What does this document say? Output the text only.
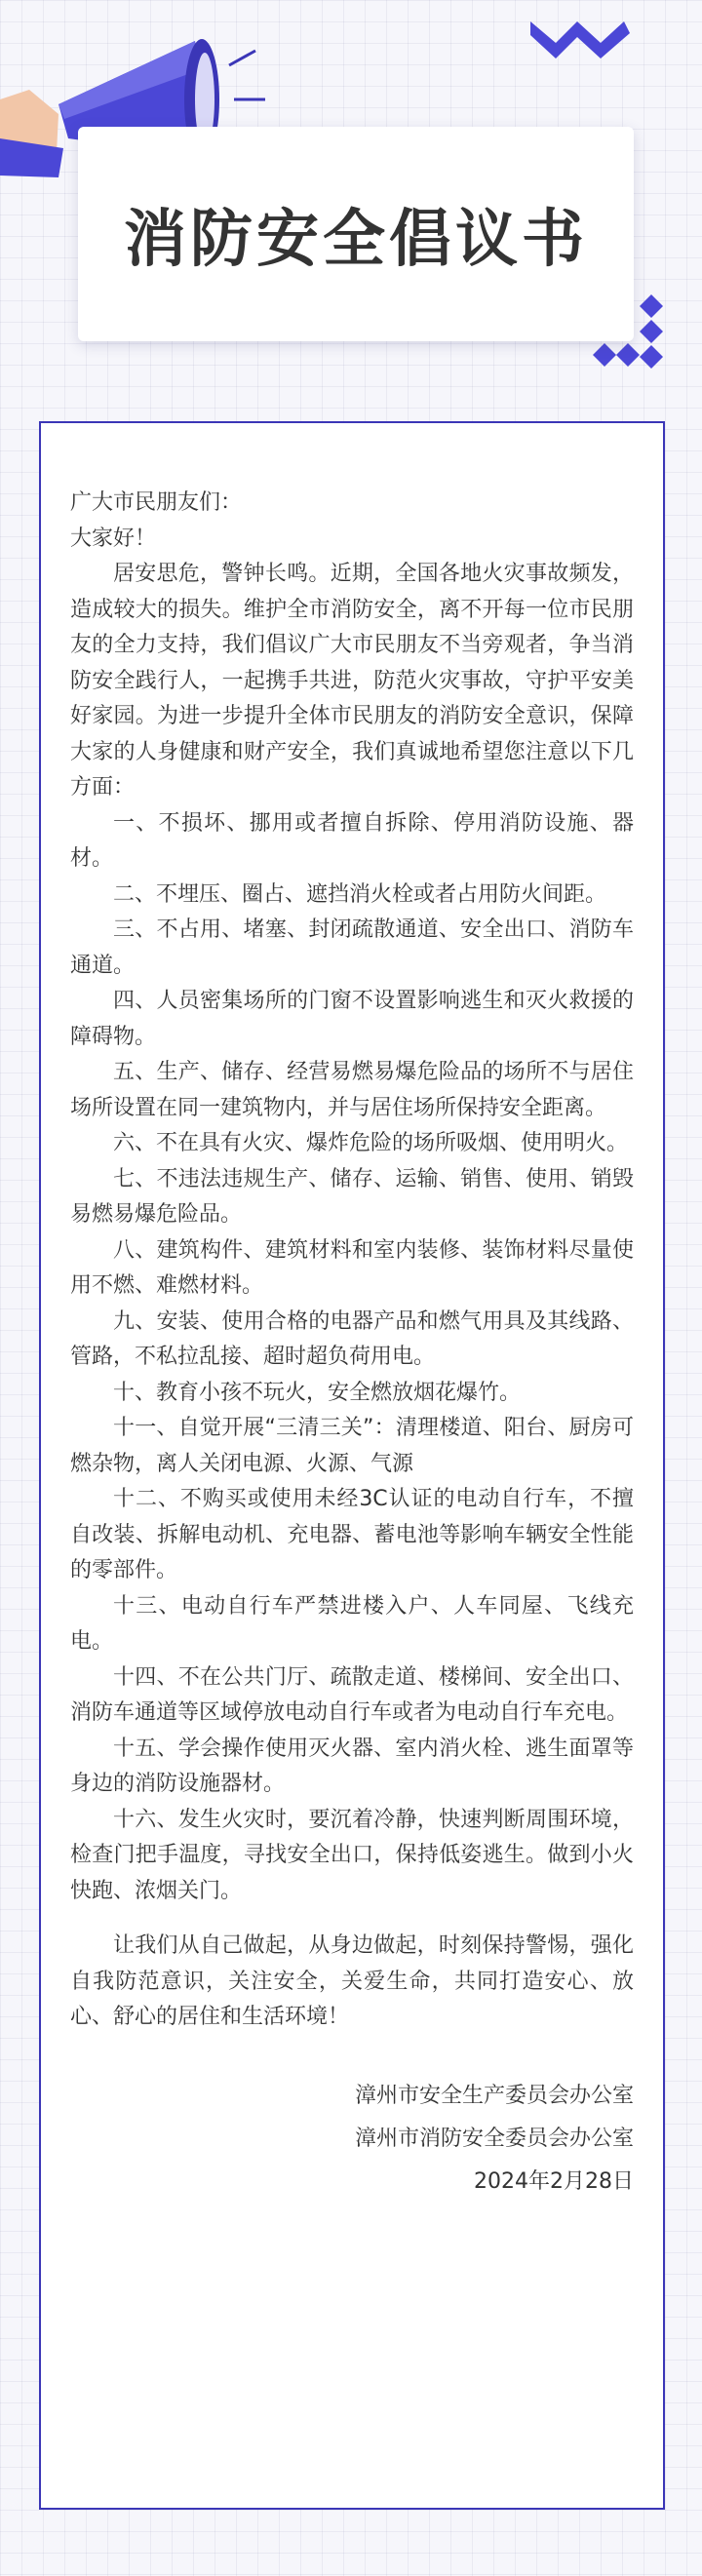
消防安全倡议书

广大市民朋友们：

大家好！

居安思危，警钟长鸣。近期，全国各地火灾事故频发，造成较大的损失。维护全市消防安全，离不开每一位市民朋友的全力支持，我们倡议广大市民朋友不当旁观者，争当消防安全践行人，一起携手共进，防范火灾事故，守护平安美好家园。为进一步提升全体市民朋友的消防安全意识，保障大家的人身健康和财产安全，我们真诚地希望您注意以下几方面：

一、不损坏、挪用或者擅自拆除、停用消防设施、器材。

二、不埋压、圈占、遮挡消火栓或者占用防火间距。

三、不占用、堵塞、封闭疏散通道、安全出口、消防车通道。

四、人员密集场所的门窗不设置影响逃生和灭火救援的障碍物。

五、生产、储存、经营易燃易爆危险品的场所不与居住场所设置在同一建筑物内，并与居住场所保持安全距离。

六、不在具有火灾、爆炸危险的场所吸烟、使用明火。

七、不违法违规生产、储存、运输、销售、使用、销毁易燃易爆危险品。

八、建筑构件、建筑材料和室内装修、装饰材料尽量使用不燃、难燃材料。

九、安装、使用合格的电器产品和燃气用具及其线路、管路，不私拉乱接、超时超负荷用电。

十、教育小孩不玩火，安全燃放烟花爆竹。

十一、自觉开展“三清三关”：清理楼道、阳台、厨房可燃杂物，离人关闭电源、火源、气源

十二、不购买或使用未经3C认证的电动自行车，不擅自改装、拆解电动机、充电器、蓄电池等影响车辆安全性能的零部件。

十三、电动自行车严禁进楼入户、人车同屋、飞线充电。

十四、不在公共门厅、疏散走道、楼梯间、安全出口、消防车通道等区域停放电动自行车或者为电动自行车充电。

十五、学会操作使用灭火器、室内消火栓、逃生面罩等身边的消防设施器材。

十六、发生火灾时，要沉着冷静，快速判断周围环境，检查门把手温度，寻找安全出口，保持低姿逃生。做到小火快跑、浓烟关门。

让我们从自己做起，从身边做起，时刻保持警惕，强化自我防范意识，关注安全，关爱生命，共同打造安心、放心、舒心的居住和生活环境！

漳州市安全生产委员会办公室
漳州市消防安全委员会办公室
2024年2月28日
